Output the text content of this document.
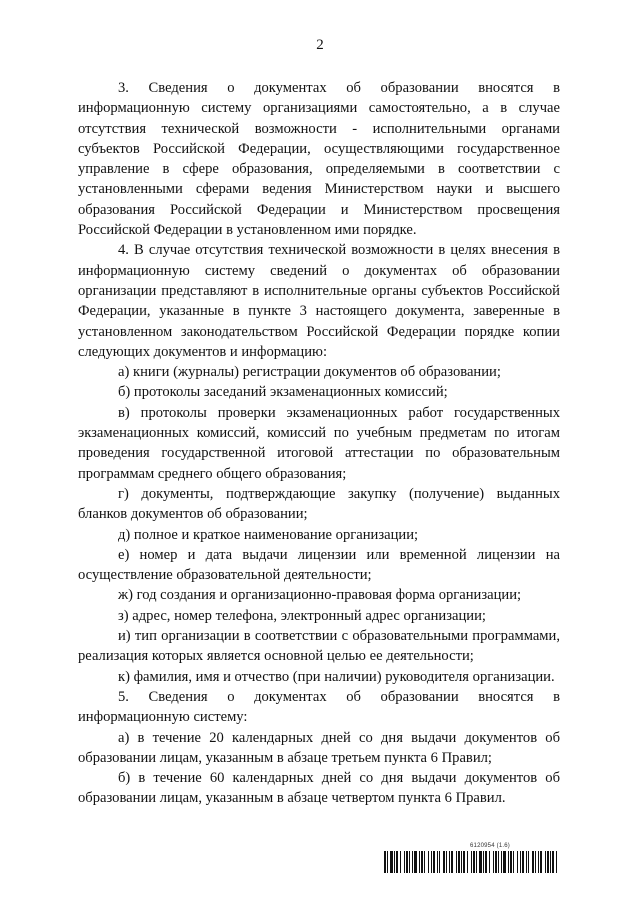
2

3. Сведения о документах об образовании вносятся в информационную систему организациями самостоятельно, а в случае отсутствия технической возможности - исполнительными органами субъектов Российской Федерации, осуществляющими государственное управление в сфере образования, определяемыми в соответствии с установленными сферами ведения Министерством науки и высшего образования Российской Федерации и Министерством просвещения Российской Федерации в установленном ими порядке.

4. В случае отсутствия технической возможности в целях внесения в информационную систему сведений о документах об образовании организации представляют в исполнительные органы субъектов Российской Федерации, указанные в пункте 3 настоящего документа, заверенные в установленном законодательством Российской Федерации порядке копии следующих документов и информацию:

а) книги (журналы) регистрации документов об образовании;

б) протоколы заседаний экзаменационных комиссий;

в) протоколы проверки экзаменационных работ государственных экзаменационных комиссий, комиссий по учебным предметам по итогам проведения государственной итоговой аттестации по образовательным программам среднего общего образования;

г) документы, подтверждающие закупку (получение) выданных бланков документов об образовании;

д) полное и краткое наименование организации;

е) номер и дата выдачи лицензии или временной лицензии на осуществление образовательной деятельности;

ж) год создания и организационно-правовая форма организации;

з) адрес, номер телефона, электронный адрес организации;

и) тип организации в соответствии с образовательными программами, реализация которых является основной целью ее деятельности;

к) фамилия, имя и отчество (при наличии) руководителя организации.

5. Сведения о документах об образовании вносятся в информационную систему:

а) в течение 20 календарных дней со дня выдачи документов об образовании лицам, указанным в абзаце третьем пункта 6 Правил;

б) в течение 60 календарных дней со дня выдачи документов об образовании лицам, указанным в абзаце четвертом пункта 6 Правил.

6120954 (1.6)
